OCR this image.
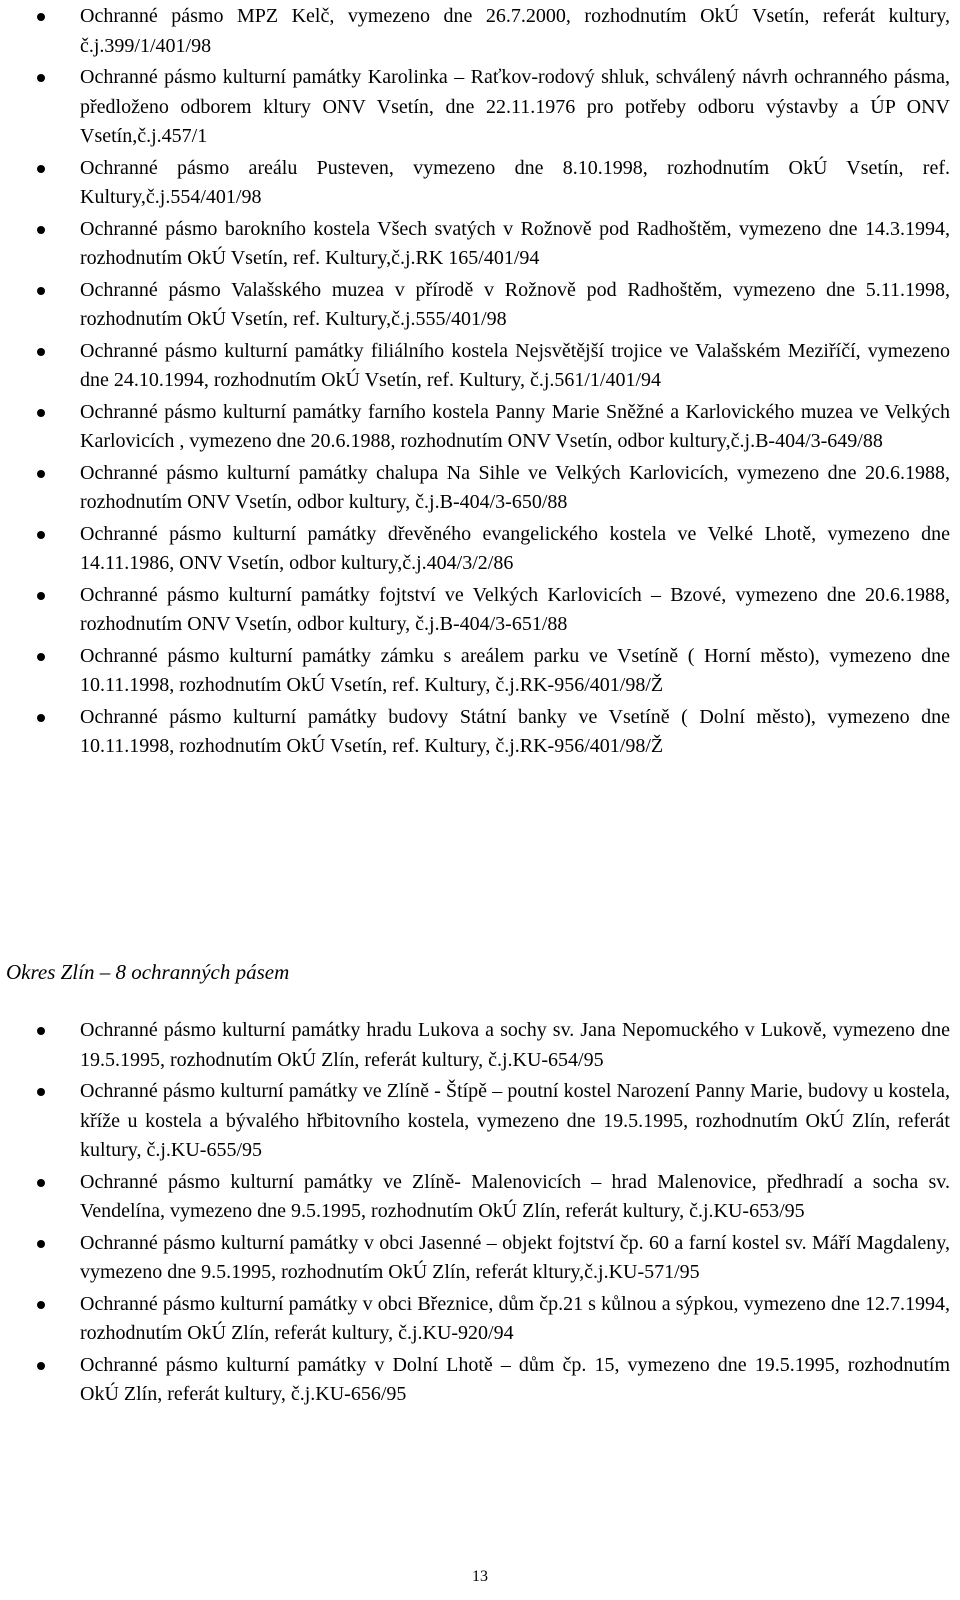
Ochranné pásmo MPZ Kelč, vymezeno dne 26.7.2000, rozhodnutím OkÚ Vsetín, referát kultury, č.j.399/1/401/98
Ochranné pásmo kulturní památky Karolinka – Raťkov-rodový shluk, schválený návrh ochranného pásma, předloženo odborem kltury ONV Vsetín, dne 22.11.1976 pro potřeby odboru výstavby a ÚP ONV Vsetín,č.j.457/1
Ochranné pásmo areálu Pusteven, vymezeno dne 8.10.1998, rozhodnutím OkÚ Vsetín, ref. Kultury,č.j.554/401/98
Ochranné pásmo barokního kostela Všech svatých v Rožnově pod Radhoštěm, vymezeno dne 14.3.1994, rozhodnutím OkÚ Vsetín, ref. Kultury,č.j.RK 165/401/94
Ochranné pásmo Valašského muzea v přírodě v Rožnově pod Radhoštěm, vymezeno dne 5.11.1998, rozhodnutím OkÚ Vsetín, ref. Kultury,č.j.555/401/98
Ochranné pásmo kulturní památky filiálního kostela Nejsvětější trojice ve Valašském Meziříčí, vymezeno dne 24.10.1994, rozhodnutím OkÚ Vsetín, ref. Kultury, č.j.561/1/401/94
Ochranné pásmo kulturní památky farního kostela Panny Marie Sněžné a Karlovického muzea ve Velkých Karlovicích , vymezeno dne 20.6.1988, rozhodnutím ONV Vsetín, odbor kultury,č.j.B-404/3-649/88
Ochranné pásmo kulturní památky chalupa Na Sihle ve Velkých Karlovicích, vymezeno dne 20.6.1988, rozhodnutím ONV Vsetín, odbor kultury, č.j.B-404/3-650/88
Ochranné pásmo kulturní památky dřevěného evangelického kostela ve Velké Lhotě, vymezeno dne 14.11.1986, ONV Vsetín, odbor kultury,č.j.404/3/2/86
Ochranné pásmo kulturní památky fojtství ve Velkých Karlovicích – Bzové, vymezeno dne 20.6.1988, rozhodnutím ONV Vsetín, odbor kultury, č.j.B-404/3-651/88
Ochranné pásmo kulturní památky zámku s areálem parku ve Vsetíně ( Horní město), vymezeno dne 10.11.1998, rozhodnutím OkÚ Vsetín, ref. Kultury, č.j.RK-956/401/98/Ž
Ochranné pásmo kulturní památky budovy Státní banky ve Vsetíně ( Dolní město), vymezeno dne 10.11.1998, rozhodnutím OkÚ Vsetín, ref. Kultury, č.j.RK-956/401/98/Ž

Okres Zlín – 8 ochranných pásem

Ochranné pásmo kulturní památky hradu Lukova a sochy sv. Jana Nepomuckého v Lukově, vymezeno dne 19.5.1995, rozhodnutím OkÚ Zlín, referát kultury, č.j.KU-654/95
Ochranné pásmo kulturní památky ve Zlíně - Štípě – poutní kostel Narození Panny Marie, budovy u kostela, kříže u kostela a bývalého hřbitovního kostela, vymezeno dne 19.5.1995, rozhodnutím OkÚ Zlín, referát kultury, č.j.KU-655/95
Ochranné pásmo kulturní památky ve Zlíně- Malenovicích – hrad Malenovice, předhradí a socha sv. Vendelína, vymezeno dne 9.5.1995, rozhodnutím OkÚ Zlín, referát kultury, č.j.KU-653/95
Ochranné pásmo kulturní památky v obci Jasenné – objekt fojtství čp. 60 a farní kostel sv. Máří Magdaleny, vymezeno dne 9.5.1995, rozhodnutím OkÚ Zlín, referát kltury,č.j.KU-571/95
Ochranné pásmo kulturní památky v obci Březnice, dům čp.21 s kůlnou a sýpkou, vymezeno dne 12.7.1994, rozhodnutím OkÚ Zlín, referát kultury, č.j.KU-920/94
Ochranné pásmo kulturní památky v Dolní Lhotě – dům čp. 15, vymezeno dne 19.5.1995, rozhodnutím OkÚ Zlín, referát kultury, č.j.KU-656/95
13
